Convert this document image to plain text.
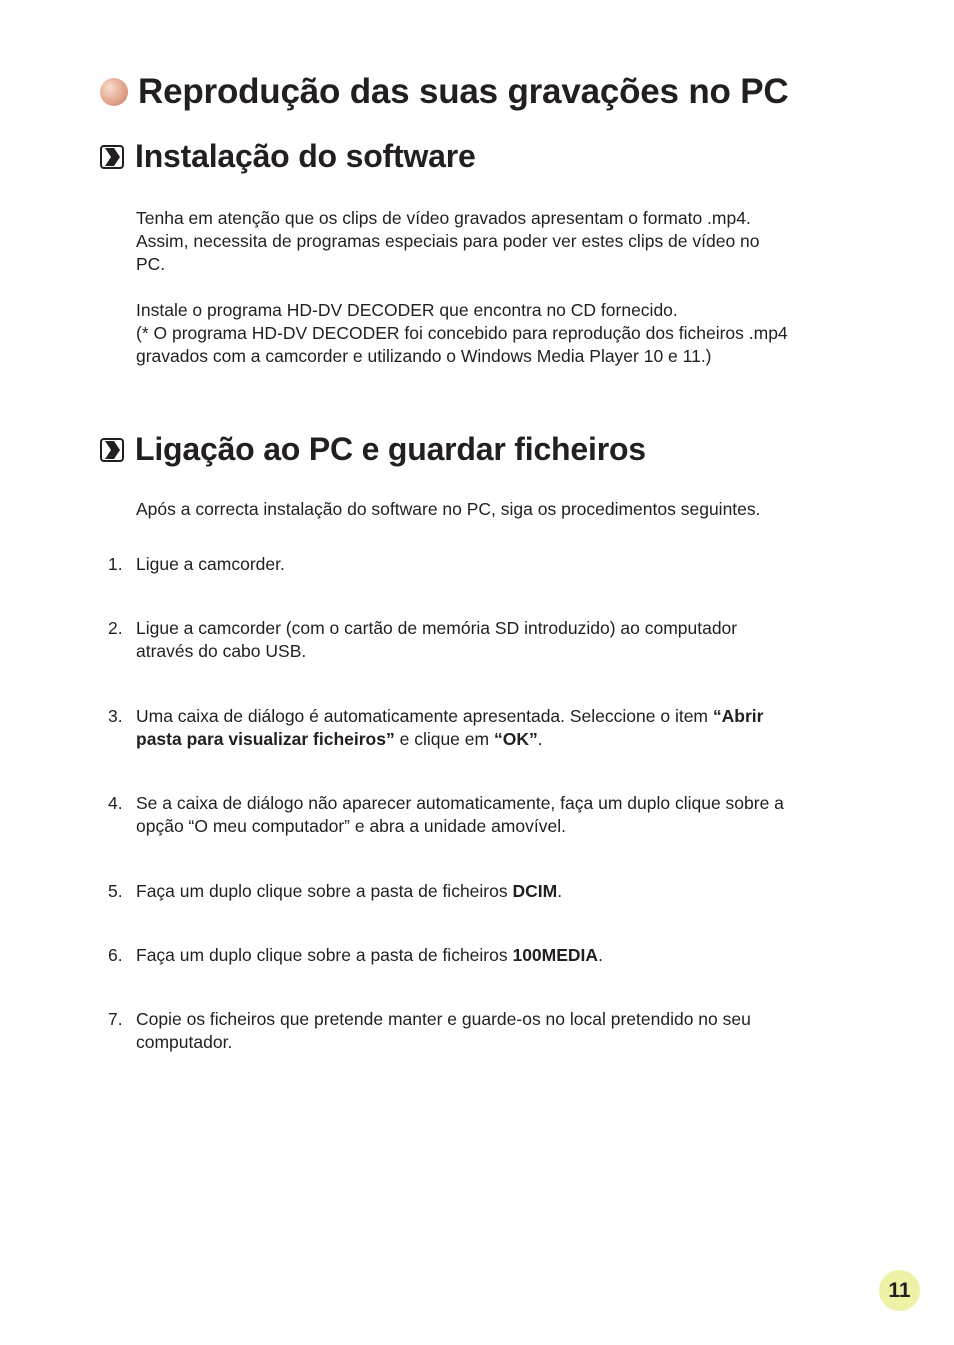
Reprodução das suas gravações no PC
Instalação do software
Tenha em atenção que os clips de vídeo gravados apresentam o formato .mp4.
Assim, necessita de programas especiais para poder ver estes clips de vídeo no
PC.
Instale o programa HD-DV DECODER que encontra no CD fornecido.
(* O programa HD-DV DECODER foi concebido para reprodução dos ficheiros .mp4
gravados com a camcorder e utilizando o Windows Media Player 10 e 11.)
Ligação ao PC e guardar ficheiros
Após a correcta instalação do software no PC, siga os procedimentos seguintes.
1. Ligue a camcorder.
2. Ligue a camcorder (com o cartão de memória SD introduzido) ao computador
através do cabo USB.
3. Uma caixa de diálogo é automaticamente apresentada. Seleccione o item “Abrir
pasta para visualizar ficheiros” e clique em “OK”.
4. Se a caixa de diálogo não aparecer automaticamente, faça um duplo clique sobre a
opção “O meu computador” e abra a unidade amovível.
5. Faça um duplo clique sobre a pasta de ficheiros DCIM.
6. Faça um duplo clique sobre a pasta de ficheiros 100MEDIA.
7. Copie os ficheiros que pretende manter e guarde-os no local pretendido no seu
computador.
11
